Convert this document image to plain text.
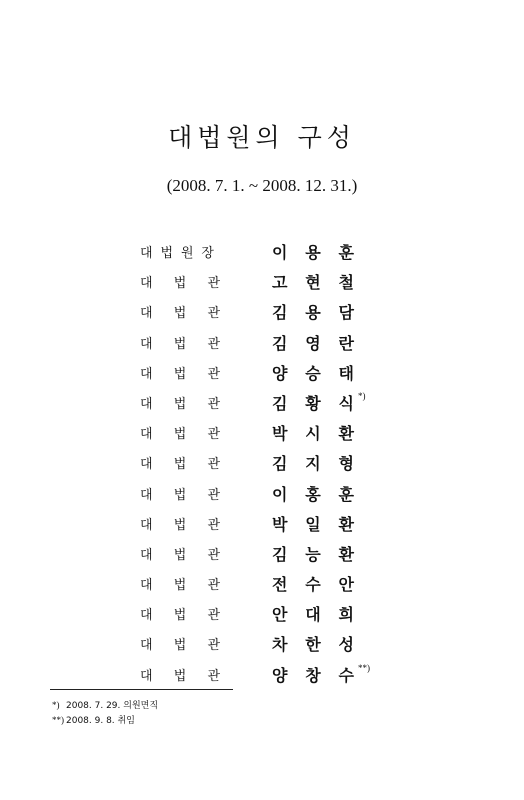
대법원의 구성
(2008. 7. 1. ~ 2008. 12. 31.)
대 법 원 장	이 용 훈
대 법 관	고 현 철
대 법 관	김 용 담
대 법 관	김 영 란
대 법 관	양 승 태
대 법 관	김 황 식 *)
대 법 관	박 시 환
대 법 관	김 지 형
대 법 관	이 홍 훈
대 법 관	박 일 환
대 법 관	김 능 환
대 법 관	전 수 안
대 법 관	안 대 희
대 법 관	차 한 성
대 법 관	양 창 수 **)
*) 2008. 7. 29. 의원면직
**) 2008. 9. 8. 취임
